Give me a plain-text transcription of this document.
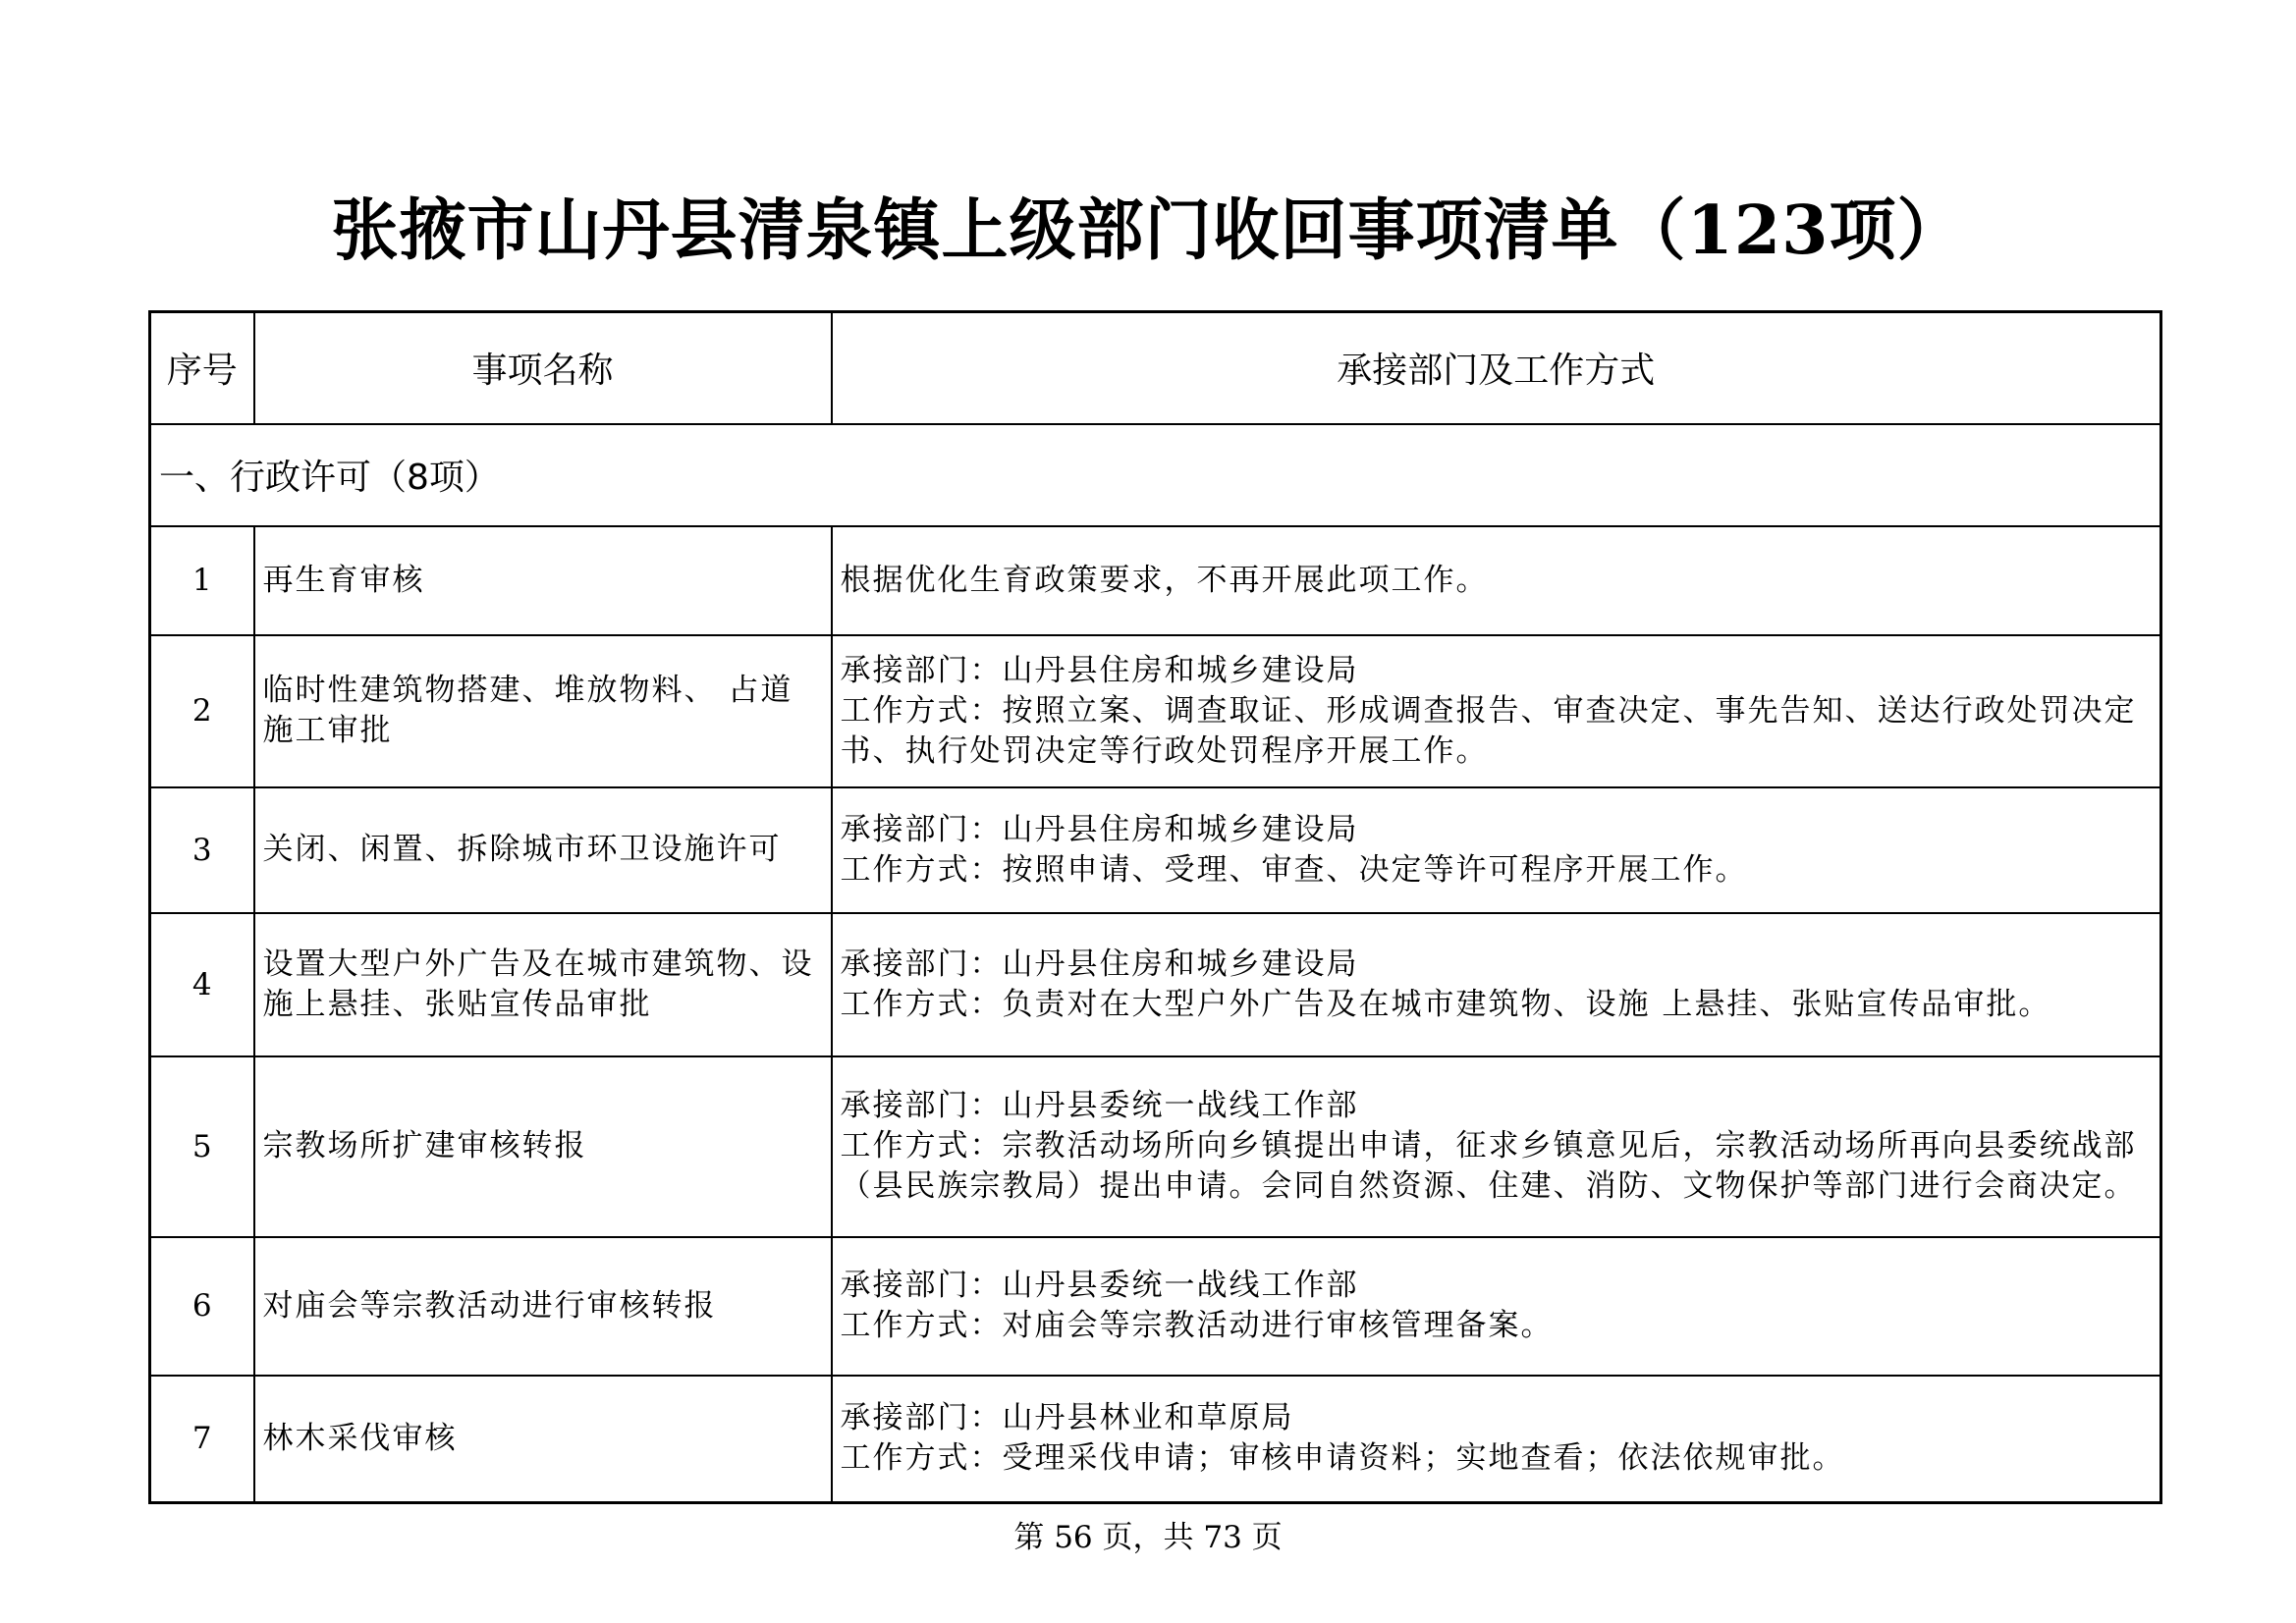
张掖市山丹县清泉镇上级部门收回事项清单（123项）
序号	事项名称	承接部门及工作方式
一、行政许可（8项）		
1	再生育审核	根据优化生育政策要求，不再开展此项工作。

2	临时性建筑物搭建、堆放物料、 占道施工审批	承接部门：山丹县住房和城乡建设局
工作方式：按照立案、调查取证、形成调查报告、审查决定、事先告知、送达行政处罚决定书、执行处罚决定等行政处罚程序开展工作。

3	关闭、闲置、拆除城市环卫设施许可	承接部门：山丹县住房和城乡建设局
工作方式：按照申请、受理、审查、决定等许可程序开展工作。

4	设置大型户外广告及在城市建筑物、设施上悬挂、张贴宣传品审批	承接部门：山丹县住房和城乡建设局
工作方式：负责对在大型户外广告及在城市建筑物、设施 上悬挂、张贴宣传品审批。

5	宗教场所扩建审核转报	承接部门：山丹县委统一战线工作部
工作方式：宗教活动场所向乡镇提出申请，征求乡镇意见后，宗教活动场所再向县委统战部（县民族宗教局）提出申请。会同自然资源、住建、消防、文物保护等部门进行会商决定。

6	对庙会等宗教活动进行审核转报	承接部门：山丹县委统一战线工作部
工作方式：对庙会等宗教活动进行审核管理备案。

7	林木采伐审核	承接部门：山丹县林业和草原局
工作方式：受理采伐申请；审核申请资料；实地查看；依法依规审批。
第 56 页，共 73 页
